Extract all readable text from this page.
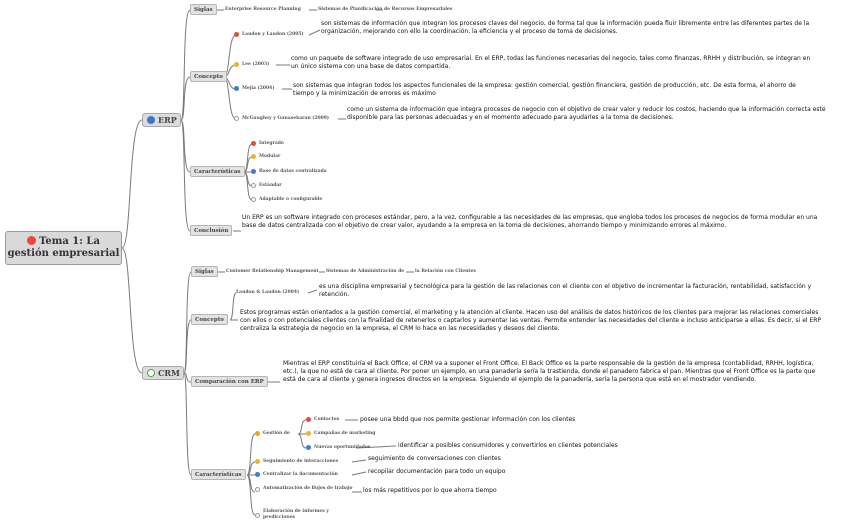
Tema 1: La gestión empresarial
ERP
Siglas	Enterprise Resource Planning	Sistemas de Planificación de Recursos Empresariales
Concepto
Laudon y Laudon (2005)
son sistemas de información que integran los procesos claves del negocio, de forma tal que la información pueda fluir libremente entre las diferentes partes de la organización, mejorando con ello la coordinación, la eficiencia y el proceso de toma de decisiones.
Lee (2003)
como un paquete de software integrado de uso empresarial. En el ERP, todas las funciones necesarias del negocio, tales como finanzas, RRHH y distribución, se integran en un único sistema con una base de datos compartida.
Mejía (2004)	son sistemas que integran todos los aspectos funcionales de la empresa: gestión comercial, gestión financiera, gestión de producción, etc. De esta forma, el ahorro de tiempo y la minimización de errores es máximo
McGaughey y Gunasekaran (2009)
como un sistema de información que integra procesos de negocio con el objetivo de crear valor y reducir los costos, haciendo que la información correcta esté disponible para las personas adecuadas y en el momento adecuado para ayudarles a la toma de decisiones.
Características
Integrado
Modular
Base de datos centralizada
Estándar
Adaptable o configurable
Conclusión
Un ERP es un software integrado con procesos estándar, pero, a la vez, configurable a las necesidades de las empresas, que engloba todos los procesos de negocios de forma modular en una base de datos centralizada con el objetivo de crear valor, ayudando a la empresa en la toma de decisiones, ahorrando tiempo y minimizando errores al máximo.
CRM
Siglas	Customer Relationship Management Sistemas de Administración de la Relación con Clientes
Laudon & Laudon (2004)
es una disciplina empresarial y tecnológica para la gestión de las relaciones con el cliente con el objetivo de incrementar la facturación, rentabilidad, satisfacción y retención.
Concepto
Estos programas están orientados a la gestión comercial, el marketing y la atención al cliente. Hacen uso del análisis de datos históricos de los clientes para mejorar las relaciones comerciales con ellos o con potenciales clientes con la finalidad de retenerlos o captarlos y aumentar las ventas. Permite entender las necesidades del cliente e incluso anticiparse a ellas. Es decir, si el ERP centraliza la estrategia de negocio en la empresa, el CRM lo hace en las necesidades y deseos del cliente.
Comparación con ERP
Mientras el ERP constituiría el Back Office, el CRM va a suponer el Front Office. El Back Office es la parte responsable de la gestión de la empresa (contabilidad, RRHH, logística, etc.), la que no está de cara al cliente. Por poner un ejemplo, en una panadería sería la trastienda, donde el panadero fabrica el pan. Mientras que el Front Office es la parte que está de cara al cliente y genera ingresos directos en la empresa. Siguiendo el ejemplo de la panadería, sería la persona que está en el mostrador vendiendo.
Características
Gestión de
Contactos	posee una bbdd que nos permite gestionar información con los clientes
Campañas de marketing
Nuevas oportunidades	identificar a posibles consumidores y convertirlos en clientes potenciales
Seguimiento de interacciones	seguimiento de conversaciones con clientes
Centralizar la documentación	recopilar documentación para todo un equipo
Automatización de flujos de trabajo los más repetitivos por lo que ahorra tiempo
Elaboración de informes y predicciones
